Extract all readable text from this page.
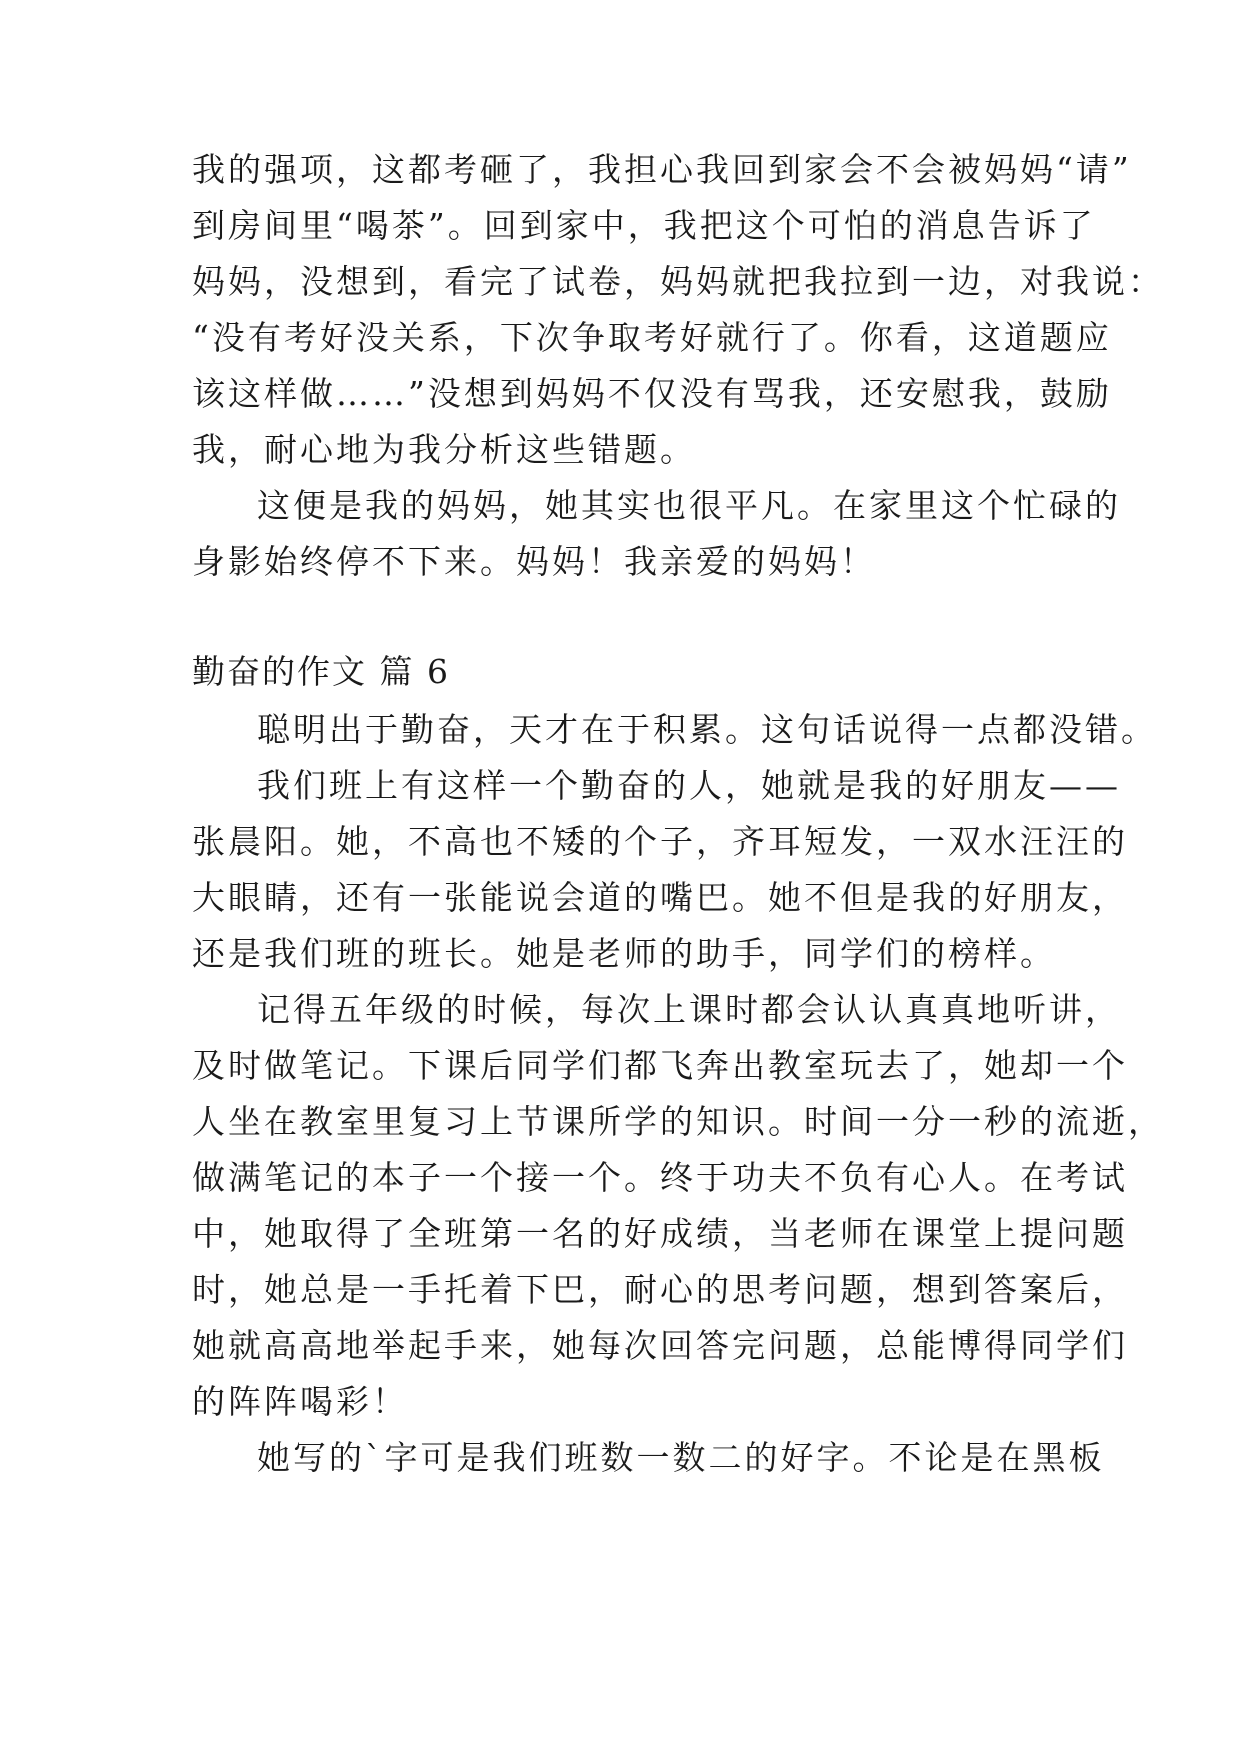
我的强项，这都考砸了，我担心我回到家会不会被妈妈“请”
到房间里“喝茶”。回到家中，我把这个可怕的消息告诉了
妈妈，没想到，看完了试卷，妈妈就把我拉到一边，对我说：
“没有考好没关系，下次争取考好就行了。你看，这道题应
该这样做……”没想到妈妈不仅没有骂我，还安慰我，鼓励
我，耐心地为我分析这些错题。
这便是我的妈妈，她其实也很平凡。在家里这个忙碌的
身影始终停不下来。妈妈！我亲爱的妈妈！
勤奋的作文 篇 6
聪明出于勤奋，天才在于积累。这句话说得一点都没错。
我们班上有这样一个勤奋的人，她就是我的好朋友——
张晨阳。她，不高也不矮的个子，齐耳短发，一双水汪汪的
大眼睛，还有一张能说会道的嘴巴。她不但是我的好朋友，
还是我们班的班长。她是老师的助手，同学们的榜样。
记得五年级的时候，每次上课时都会认认真真地听讲，
及时做笔记。下课后同学们都飞奔出教室玩去了，她却一个
人坐在教室里复习上节课所学的知识。时间一分一秒的流逝，
做满笔记的本子一个接一个。终于功夫不负有心人。在考试
中，她取得了全班第一名的好成绩，当老师在课堂上提问题
时，她总是一手托着下巴，耐心的思考问题，想到答案后，
她就高高地举起手来，她每次回答完问题，总能博得同学们
的阵阵喝彩！
她写的`字可是我们班数一数二的好字。不论是在黑板
